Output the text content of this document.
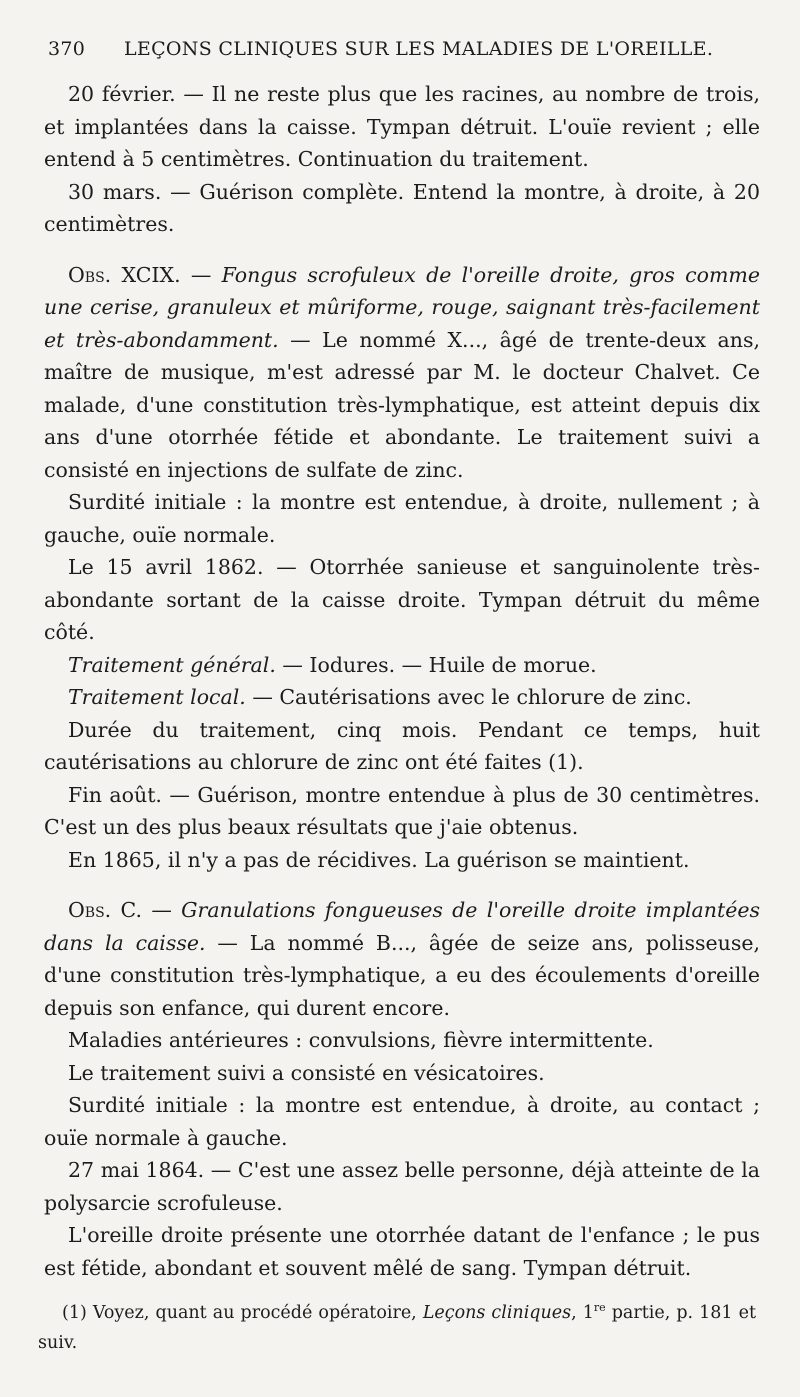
370 LEÇONS CLINIQUES SUR LES MALADIES DE L'OREILLE.

20 février. — Il ne reste plus que les racines, au nombre de trois, et implantées dans la caisse. Tympan détruit. L'ouïe revient ; elle entend à 5 centimètres. Continuation du traitement.

30 mars. — Guérison complète. Entend la montre, à droite, à 20 centimètres.

Obs. XCIX. — Fongus scrofuleux de l'oreille droite, gros comme une cerise, granuleux et mûriforme, rouge, saignant très-facilement et très-abondamment. — Le nommé X..., âgé de trente-deux ans, maître de musique, m'est adressé par M. le docteur Chalvet. Ce malade, d'une constitution très-lymphatique, est atteint depuis dix ans d'une otorrhée fétide et abondante. Le traitement suivi a consisté en injections de sulfate de zinc.

Surdité initiale : la montre est entendue, à droite, nullement ; à gauche, ouïe normale.

Le 15 avril 1862. — Otorrhée sanieuse et sanguinolente très-abondante sortant de la caisse droite. Tympan détruit du même côté.

Traitement général. — Iodures. — Huile de morue.

Traitement local. — Cautérisations avec le chlorure de zinc.

Durée du traitement, cinq mois. Pendant ce temps, huit cautérisations au chlorure de zinc ont été faites (1).

Fin août. — Guérison, montre entendue à plus de 30 centimètres. C'est un des plus beaux résultats que j'aie obtenus.

En 1865, il n'y a pas de récidives. La guérison se maintient.

Obs. C. — Granulations fongueuses de l'oreille droite implantées dans la caisse. — La nommé B..., âgée de seize ans, polisseuse, d'une constitution très-lymphatique, a eu des écoulements d'oreille depuis son enfance, qui durent encore.

Maladies antérieures : convulsions, fièvre intermittente.

Le traitement suivi a consisté en vésicatoires.

Surdité initiale : la montre est entendue, à droite, au contact ; ouïe normale à gauche.

27 mai 1864. — C'est une assez belle personne, déjà atteinte de la polysarcie scrofuleuse.

L'oreille droite présente une otorrhée datant de l'enfance ; le pus est fétide, abondant et souvent mêlé de sang. Tympan détruit.

(1) Voyez, quant au procédé opératoire, Leçons cliniques, 1re partie, p. 181 et suiv.
